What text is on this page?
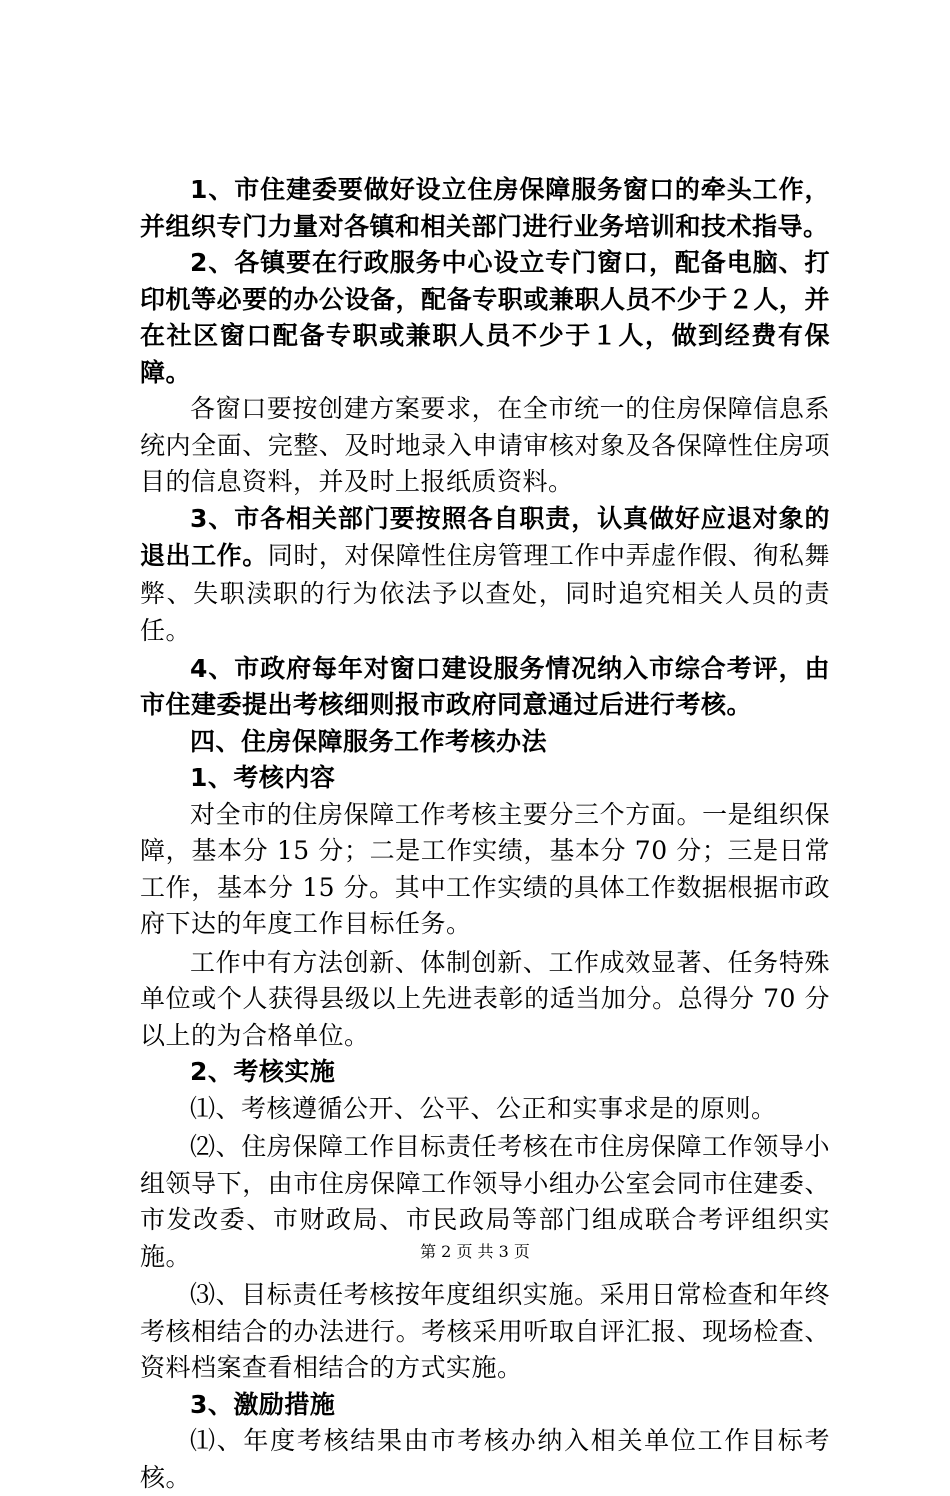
1、市住建委要做好设立住房保障服务窗口的牵头工作，并组织专门力量对各镇和相关部门进行业务培训和技术指导。

2、各镇要在行政服务中心设立专门窗口，配备电脑、打印机等必要的办公设备，配备专职或兼职人员不少于２人，并在社区窗口配备专职或兼职人员不少于１人，做到经费有保障。

各窗口要按创建方案要求，在全市统一的住房保障信息系统内全面、完整、及时地录入申请审核对象及各保障性住房项目的信息资料，并及时上报纸质资料。

3、市各相关部门要按照各自职责，认真做好应退对象的退出工作。同时，对保障性住房管理工作中弄虚作假、徇私舞弊、失职渎职的行为依法予以查处，同时追究相关人员的责任。

4、市政府每年对窗口建设服务情况纳入市综合考评，由市住建委提出考核细则报市政府同意通过后进行考核。

四、住房保障服务工作考核办法

1、考核内容

对全市的住房保障工作考核主要分三个方面。一是组织保障，基本分 15 分；二是工作实绩，基本分 70 分；三是日常工作，基本分 15 分。其中工作实绩的具体工作数据根据市政府下达的年度工作目标任务。

工作中有方法创新、体制创新、工作成效显著、任务特殊单位或个人获得县级以上先进表彰的适当加分。总得分 70 分以上的为合格单位。

2、考核实施

⑴、考核遵循公开、公平、公正和实事求是的原则。

⑵、住房保障工作目标责任考核在市住房保障工作领导小组领导下，由市住房保障工作领导小组办公室会同市住建委、市发改委、市财政局、市民政局等部门组成联合考评组织实施。

⑶、目标责任考核按年度组织实施。采用日常检查和年终考核相结合的办法进行。考核采用听取自评汇报、现场检查、资料档案查看相结合的方式实施。

3、激励措施

⑴、年度考核结果由市考核办纳入相关单位工作目标考核。

第 2 页 共 3 页
